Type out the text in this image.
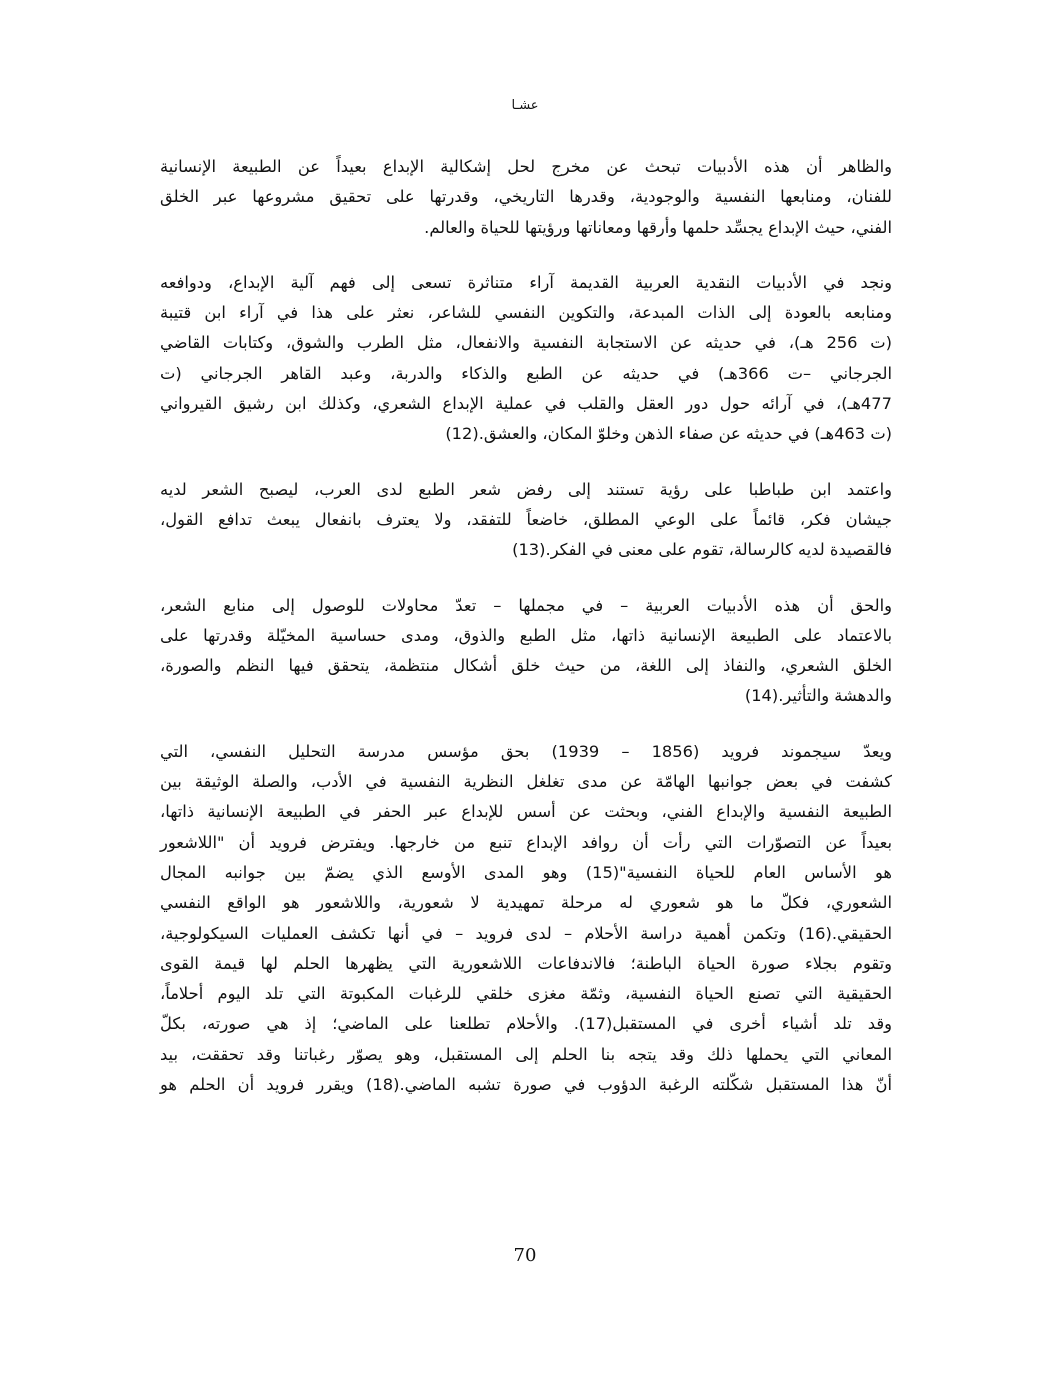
عشـا

والظاهر أن هذه الأدبيات تبحث عن مخرج لحل إشكالية الإبداع بعيداً عن الطبيعة الإنسانية
للفنان، ومنابعها النفسية والوجودية، وقدرها التاريخي، وقدرتها على تحقيق مشروعها عبر الخلق
الفني، حيث الإبداع يجسِّد حلمها وأرقها ومعاناتها ورؤيتها للحياة والعالم.

ونجد في الأدبيات النقدية العربية القديمة آراء متناثرة تسعى إلى فهم آلية الإبداع، ودوافعه
ومنابعه بالعودة إلى الذات المبدعة، والتكوين النفسي للشاعر، نعثر على هذا في آراء ابن قتيبة
(ت 256 هـ)، في حديثه عن الاستجابة النفسية والانفعال، مثل الطرب والشوق، وكتابات القاضي
الجرجاني –ت 366هـ) في حديثه عن الطبع والذكاء والدربة، وعبد القاهر الجرجاني (ت
477هـ)، في آرائه حول دور العقل والقلب في عملية الإبداع الشعري، وكذلك ابن رشيق القيرواني
(ت 463هـ) في حديثه عن صفاء الذهن وخلوّ المكان، والعشق.(12)

واعتمد ابن طباطبا على رؤية تستند إلى رفض شعر الطبع لدى العرب، ليصبح الشعر لديه
جيشان فكر، قائماً على الوعي المطلق، خاضعاً للتفقد، ولا يعترف بانفعال يبعث تدافع القول،
فالقصيدة لديه كالرسالة، تقوم على معنى في الفكر.(13)

والحق أن هذه الأدبيات العربية – في مجملها – تعدّ محاولات للوصول إلى منابع الشعر،
بالاعتماد على الطبيعة الإنسانية ذاتها، مثل الطبع والذوق، ومدى حساسية المخيّلة وقدرتها على
الخلق الشعري، والنفاذ إلى اللغة، من حيث خلق أشكال منتظمة، يتحقق فيها النظم والصورة،
والدهشة والتأثير.(14)

ويعدّ سيجموند فرويد (1856 – 1939) بحق مؤسس مدرسة التحليل النفسي، التي
كشفت في بعض جوانبها الهامّة عن مدى تغلغل النظرية النفسية في الأدب، والصلة الوثيقة بين
الطبيعة النفسية والإبداع الفني، وبحثت عن أسس للإبداع عبر الحفر في الطبيعة الإنسانية ذاتها،
بعيداً عن التصوّرات التي رأت أن روافد الإبداع تنبع من خارجها. ويفترض فرويد أن "اللاشعور
هو الأساس العام للحياة النفسية"(15) وهو المدى الأوسع الذي يضمّ بين جوانبه المجال
الشعوري، فكلّ ما هو شعوري له مرحلة تمهيدية لا شعورية، واللاشعور هو الواقع النفسي
الحقيقي.(16) وتكمن أهمية دراسة الأحلام – لدى فرويد – في أنها تكشف العمليات السيكولوجية،
وتقوم بجلاء صورة الحياة الباطنة؛ فالاندفاعات اللاشعورية التي يظهرها الحلم لها قيمة القوى
الحقيقية التي تصنع الحياة النفسية، وثمّة مغزى خلقي للرغبات المكبوتة التي تلد اليوم أحلاماً،
وقد تلد أشياء أخرى في المستقبل(17). والأحلام تطلعنا على الماضي؛ إذ هي صورته، بكلّ
المعاني التي يحملها ذلك وقد يتجه بنا الحلم إلى المستقبل، وهو يصوّر رغباتنا وقد تحققت، بيد
أنّ هذا المستقبل شكّلته الرغبة الدؤوب في صورة تشبه الماضي.(18) ويقرر فرويد أن الحلم هو

70
